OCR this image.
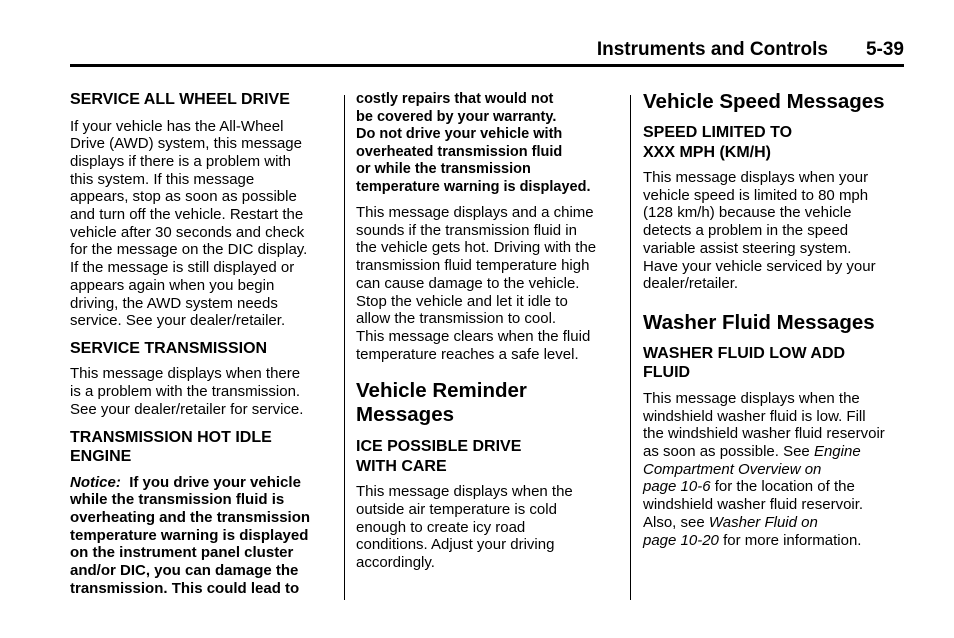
Instruments and Controls 5-39
SERVICE ALL WHEEL DRIVE
If your vehicle has the All-Wheel
Drive (AWD) system, this message
displays if there is a problem with
this system. If this message
appears, stop as soon as possible
and turn off the vehicle. Restart the
vehicle after 30 seconds and check
for the message on the DIC display.
If the message is still displayed or
appears again when you begin
driving, the AWD system needs
service. See your dealer/retailer.
SERVICE TRANSMISSION
This message displays when there
is a problem with the transmission.
See your dealer/retailer for service.
TRANSMISSION HOT IDLE
ENGINE
Notice: If you drive your vehicle
while the transmission fluid is
overheating and the transmission
temperature warning is displayed
on the instrument panel cluster
and/or DIC, you can damage the
transmission. This could lead to
costly repairs that would not
be covered by your warranty.
Do not drive your vehicle with
overheated transmission fluid
or while the transmission
temperature warning is displayed.
This message displays and a chime
sounds if the transmission fluid in
the vehicle gets hot. Driving with the
transmission fluid temperature high
can cause damage to the vehicle.
Stop the vehicle and let it idle to
allow the transmission to cool.
This message clears when the fluid
temperature reaches a safe level.
Vehicle Reminder
Messages
ICE POSSIBLE DRIVE
WITH CARE
This message displays when the
outside air temperature is cold
enough to create icy road
conditions. Adjust your driving
accordingly.
Vehicle Speed Messages
SPEED LIMITED TO
XXX MPH (KM/H)
This message displays when your
vehicle speed is limited to 80 mph
(128 km/h) because the vehicle
detects a problem in the speed
variable assist steering system.
Have your vehicle serviced by your
dealer/retailer.
Washer Fluid Messages
WASHER FLUID LOW ADD
FLUID
This message displays when the
windshield washer fluid is low. Fill
the windshield washer fluid reservoir
as soon as possible. See Engine
Compartment Overview on
page 10-6 for the location of the
windshield washer fluid reservoir.
Also, see Washer Fluid on
page 10-20 for more information.
